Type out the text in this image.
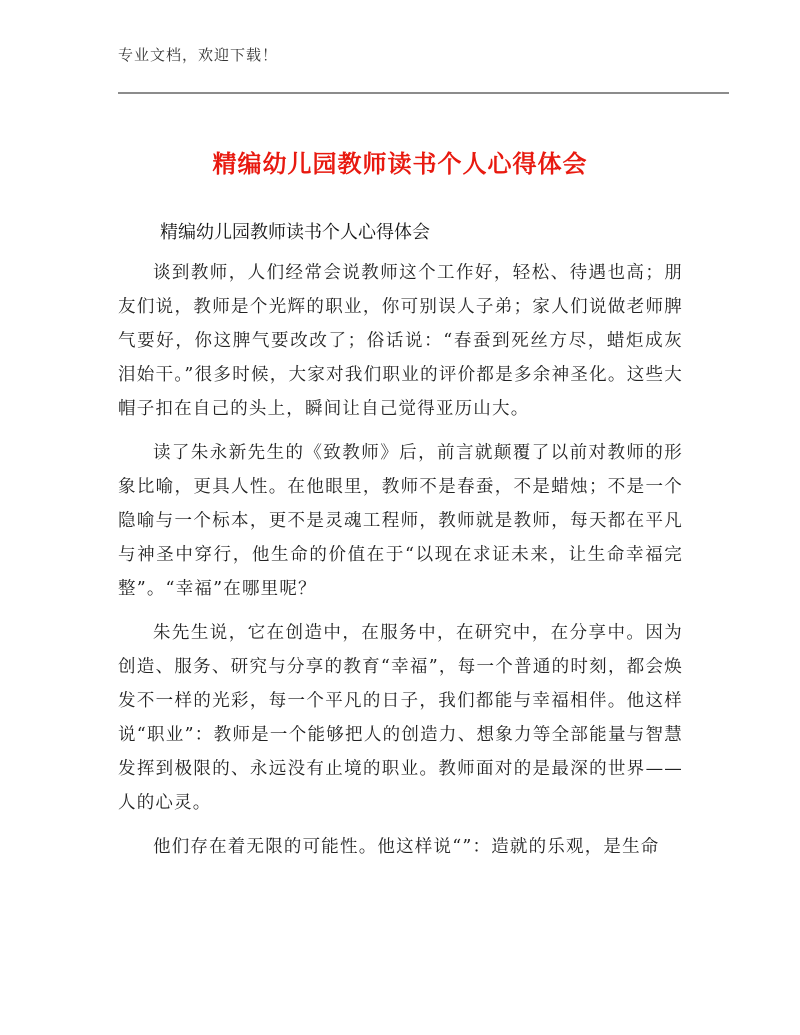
专业文档，欢迎下载！
精编幼儿园教师读书个人心得体会
精编幼儿园教师读书个人心得体会

谈到教师，人们经常会说教师这个工作好，轻松、待遇也高；朋友们说，教师是个光辉的职业，你可别误人子弟；家人们说做老师脾气要好，你这脾气要改改了；俗话说：“春蚕到死丝方尽，蜡炬成灰泪始干。”很多时候，大家对我们职业的评价都是多余神圣化。这些大帽子扣在自己的头上，瞬间让自己觉得亚历山大。

读了朱永新先生的《致教师》后，前言就颠覆了以前对教师的形象比喻，更具人性。在他眼里，教师不是春蚕，不是蜡烛；不是一个隐喻与一个标本，更不是灵魂工程师，教师就是教师，每天都在平凡与神圣中穿行，他生命的价值在于“以现在求证未来，让生命幸福完整”。“幸福”在哪里呢？

朱先生说，它在创造中，在服务中，在研究中，在分享中。因为创造、服务、研究与分享的教育“幸福”，每一个普通的时刻，都会焕发不一样的光彩，每一个平凡的日子，我们都能与幸福相伴。他这样说“职业”：教师是一个能够把人的创造力、想象力等全部能量与智慧发挥到极限的、永远没有止境的职业。教师面对的是最深的世界——人的心灵。

他们存在着无限的可能性。他这样说“”：造就的乐观，是生命
